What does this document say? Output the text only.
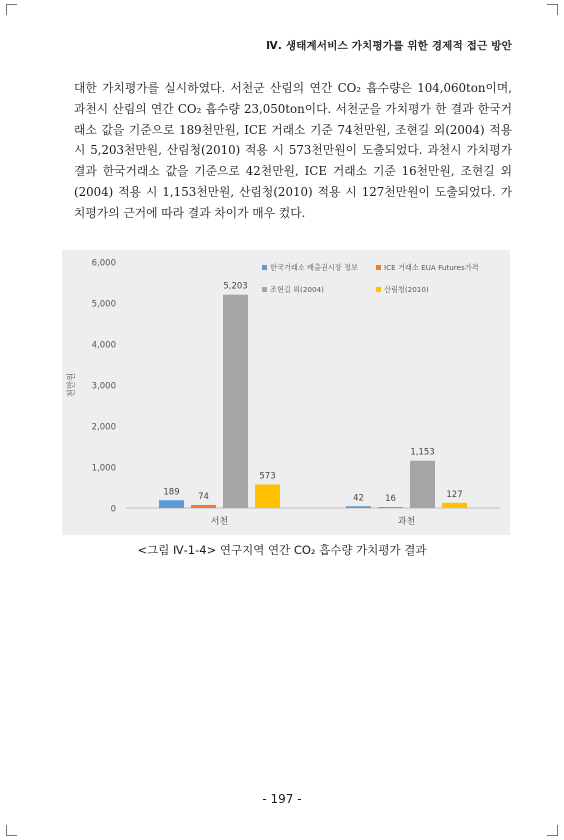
Ⅳ. 생태계서비스 가치평가를 위한 경제적 접근 방안

대한 가치평가를 실시하였다. 서천군 산림의 연간 CO₂ 흡수량은 104,060ton이며, 과천시 산림의 연간 CO₂ 흡수량 23,050ton이다. 서천군을 가치평가 한 결과 한국거래소 값을 기준으로 189천만원, ICE 거래소 기준 74천만원, 조현길 외(2004) 적용 시 5,203천만원, 산림청(2010) 적용 시 573천만원이 도출되었다. 과천시 가치평가 결과 한국거래소 값을 기준으로 42천만원, ICE 거래소 기준 16천만원, 조현길 외(2004) 적용 시 1,153천만원, 산림청(2010) 적용 시 127천만원이 도출되었다. 가치평가의 근거에 따라 결과 차이가 매우 컸다.

0
1,000
2,000
3,000
4,000
5,000
6,000
천만원
189 74
5,203
573
서천
42 16
1,153
127
과천
한국거래소 배출권시장 정보	ICE 거래소 EUA Futures가격
조현길 외(2004)	산림청(2010)
<그림 Ⅳ-1-4> 연구지역 연간 CO₂ 흡수량 가치평가 결과
- 197 -
